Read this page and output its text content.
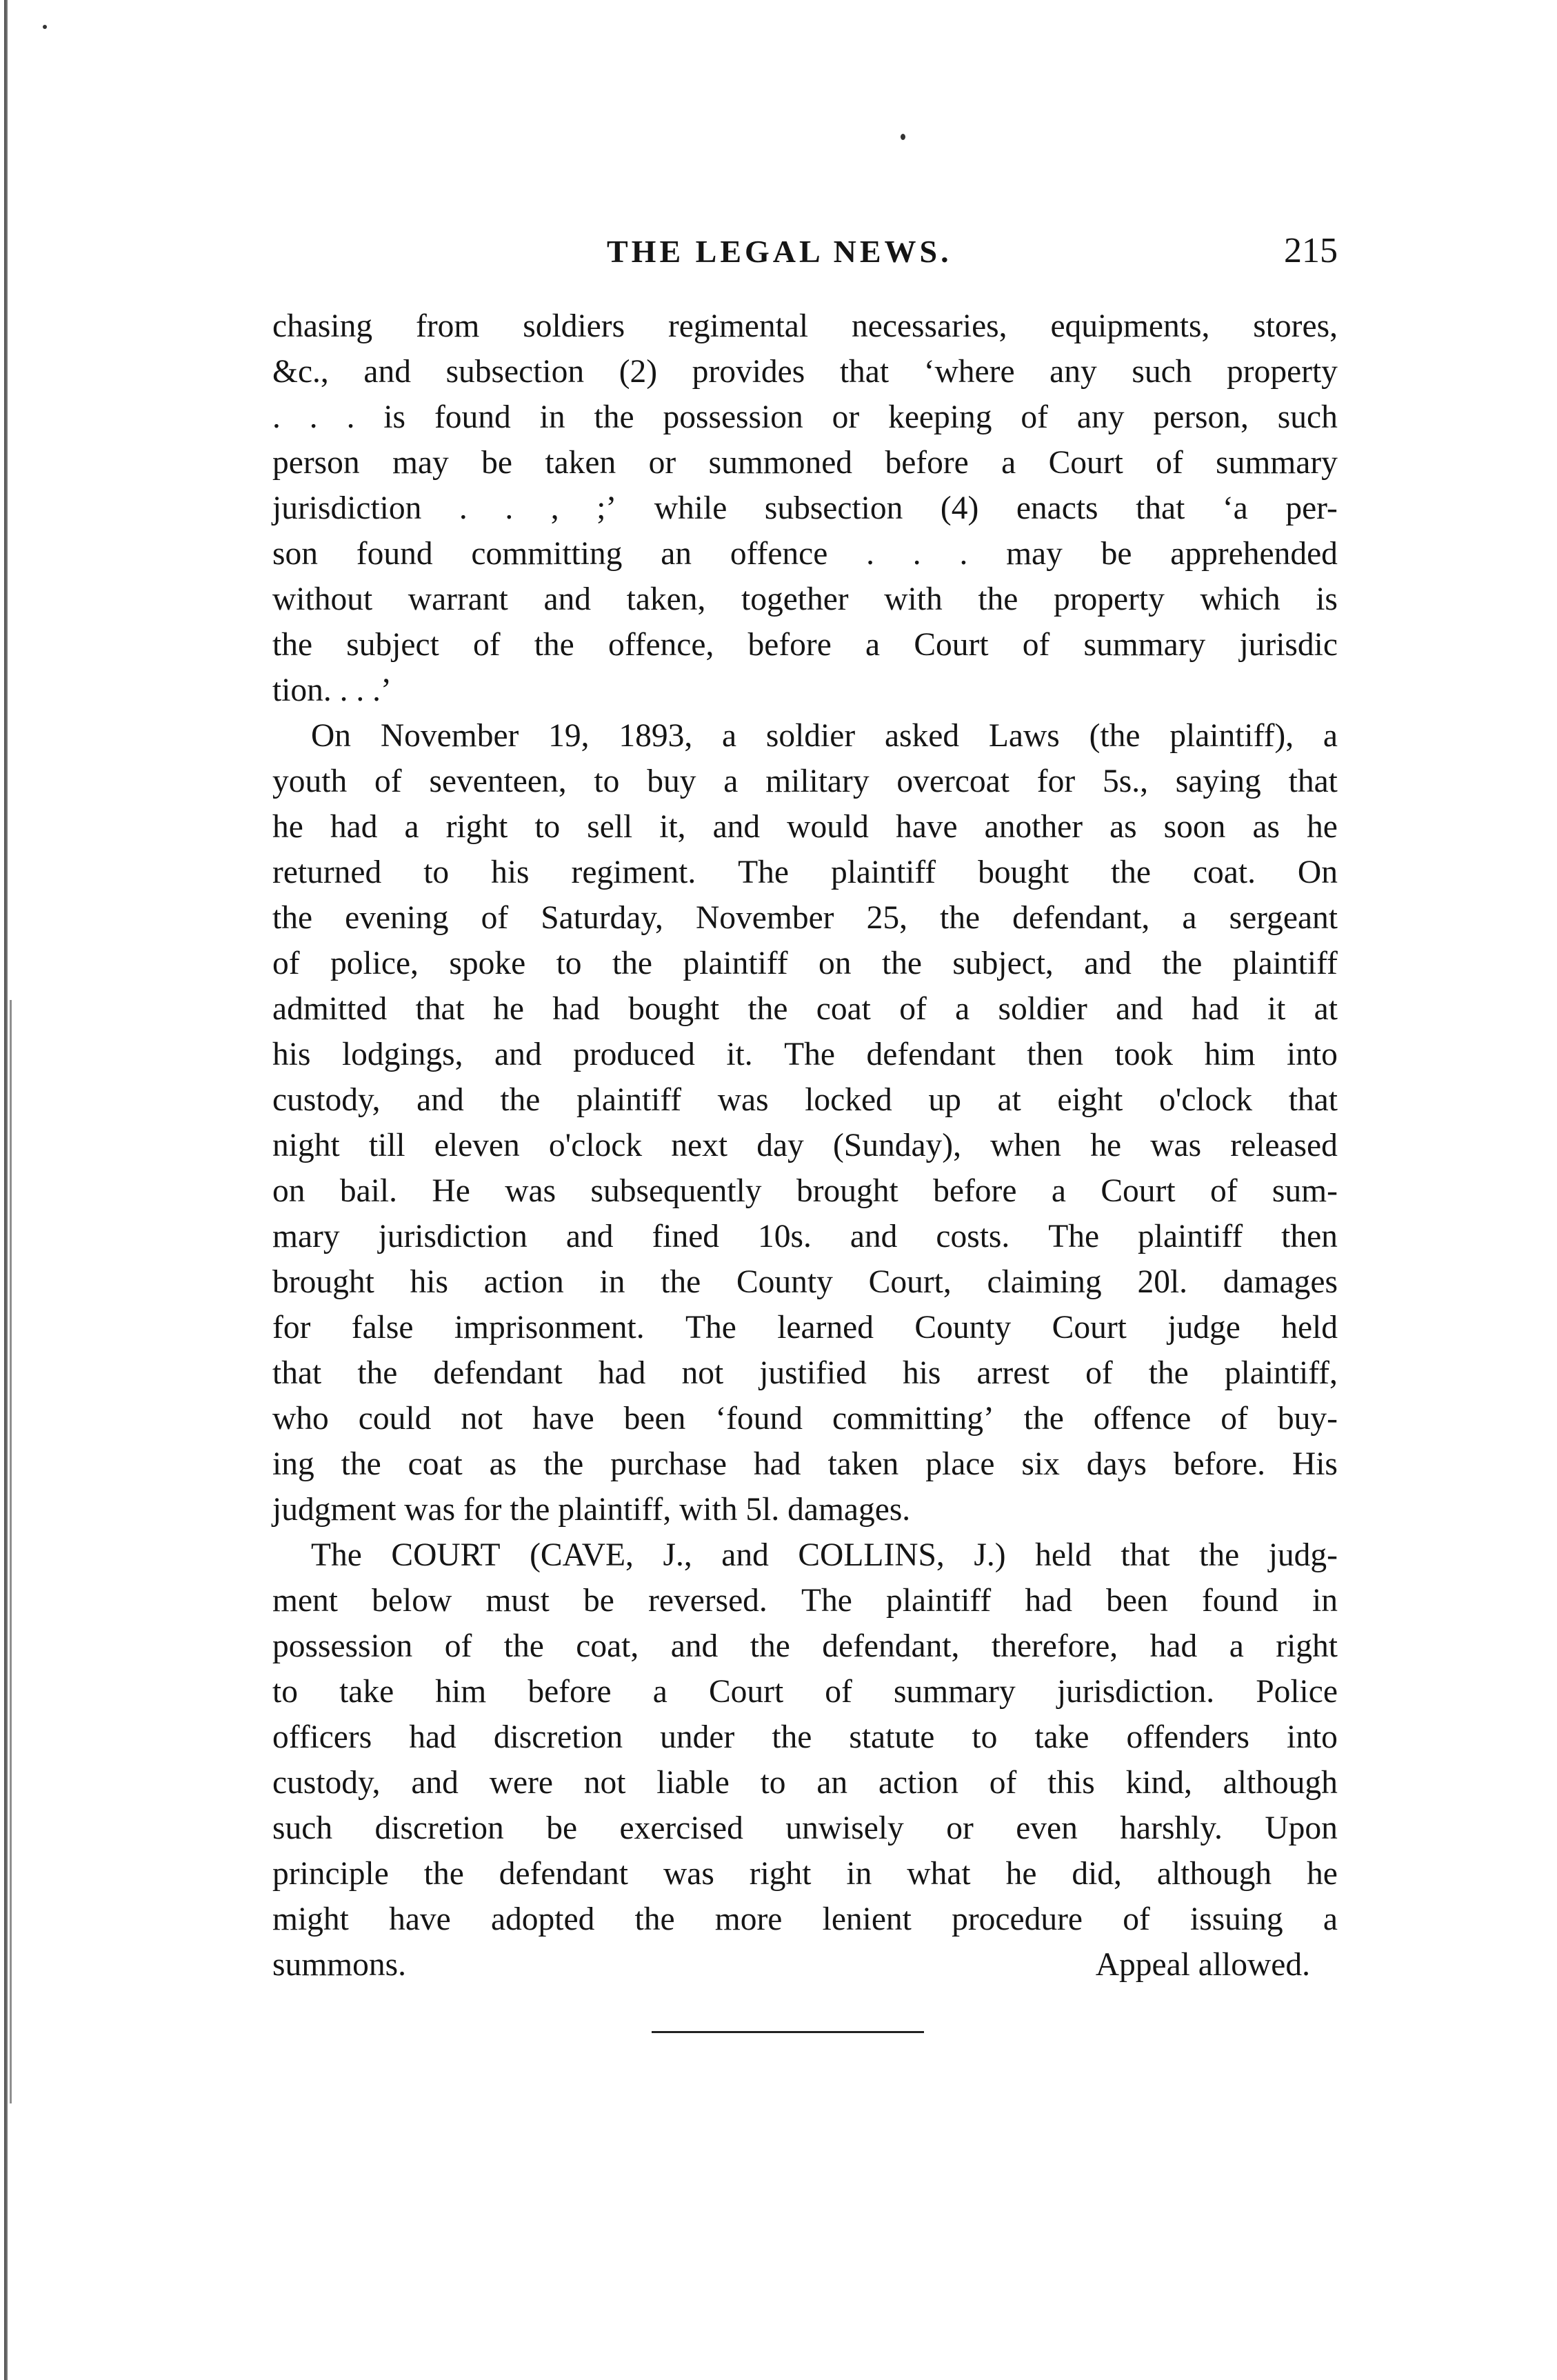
THE LEGAL NEWS.	215
chasing from soldiers regimental necessaries, equipments, stores,
&c., and subsection (2) provides that ‘where any such property
. . . is found in the possession or keeping of any person, such
person may be taken or summoned before a Court of summary
jurisdiction . . , ;’ while subsection (4) enacts that ‘a per-
son found committing an offence . . . may be apprehended
without warrant and taken, together with the property which is
the subject of the offence, before a Court of summary jurisdic
tion. . . .’
On November 19, 1893, a soldier asked Laws (the plaintiff), a
youth of seventeen, to buy a military overcoat for 5s., saying that
he had a right to sell it, and would have another as soon as he
returned to his regiment. The plaintiff bought the coat. On
the evening of Saturday, November 25, the defendant, a sergeant
of police, spoke to the plaintiff on the subject, and the plaintiff
admitted that he had bought the coat of a soldier and had it at
his lodgings, and produced it. The defendant then took him into
custody, and the plaintiff was locked up at eight o'clock that
night till eleven o'clock next day (Sunday), when he was released
on bail. He was subsequently brought before a Court of sum-
mary jurisdiction and fined 10s. and costs. The plaintiff then
brought his action in the County Court, claiming 20l. damages
for false imprisonment. The learned County Court judge held
that the defendant had not justified his arrest of the plaintiff,
who could not have been ‘found committing’ the offence of buy-
ing the coat as the purchase had taken place six days before. His
judgment was for the plaintiff, with 5l. damages.
The COURT (CAVE, J., and COLLINS, J.) held that the judg-
ment below must be reversed. The plaintiff had been found in
possession of the coat, and the defendant, therefore, had a right
to take him before a Court of summary jurisdiction. Police
officers had discretion under the statute to take offenders into
custody, and were not liable to an action of this kind, although
such discretion be exercised unwisely or even harshly. Upon
principle the defendant was right in what he did, although he
might have adopted the more lenient procedure of issuing a
summons.	Appeal allowed.
